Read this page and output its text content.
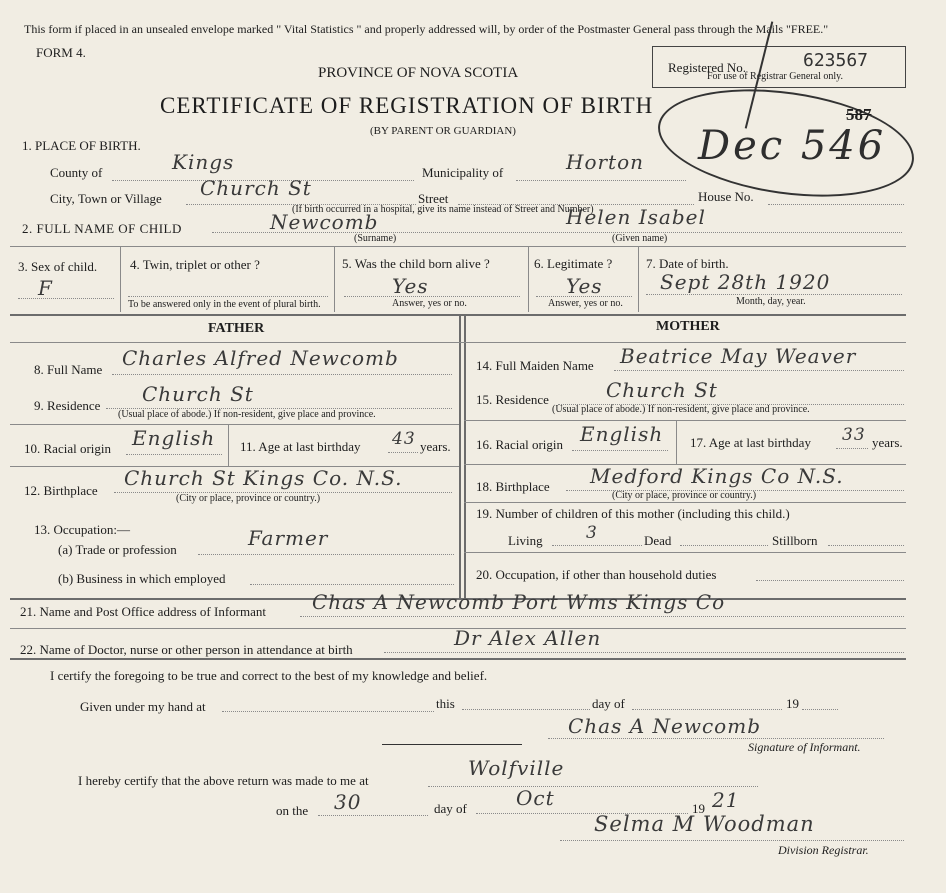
This form if placed in an unsealed envelope marked " Vital Statistics " and properly addressed will, by order of the Postmaster General pass through the Mails "FREE."
FORM 4.
PROVINCE OF NOVA SCOTIA
CERTIFICATE OF REGISTRATION OF BIRTH
(BY PARENT OR GUARDIAN)
Registered No.	623567
For use of Registrar General only.
587
Dec 546
1. PLACE OF BIRTH.
County of	Kings	Municipality of	Horton
City, Town or Village Church St	Street	House No.
(If birth occurred in a hospital, give its name instead of Street and Number)
2. FULL NAME OF CHILD	Newcomb	Helen Isabel
(Surname)	(Given name)
3. Sex of child.
F
4. Twin, triplet or other ?
To be answered only in the event of plural birth.
5. Was the child born alive ?
Yes
Answer, yes or no.
6. Legitimate ?
Yes
Answer, yes or no.
7. Date of birth.
Sept 28th 1920
Month, day, year.
FATHER	MOTHER
8. Full Name Charles Alfred Newcomb
9. Residence Church St
(Usual place of abode.) If non-resident, give place and province.
10. Racial origin English 11. Age at last birthday 43 years.
12. Birthplace
Church St Kings Co. N.S.
(City or place, province or country.)
13. Occupation:—
(a) Trade or profession	Farmer
(b) Business in which employed
14. Full Maiden Name Beatrice May Weaver
15. Residence	Church St
(Usual place of abode.) If non-resident, give place and province.
16. Racial origin English 17. Age at last birthday 33 years.
18. Birthplace Medford Kings Co N.S.
(City or place, province or country.)
19. Number of children of this mother (including this child.)
Living	3	Dead	Stillborn
20. Occupation, if other than household duties
21. Name and Post Office address of Informant Chas A Newcomb Port Wms Kings Co
22. Name of Doctor, nurse or other person in attendance at birth	Dr Alex Allen
I certify the foregoing to be true and correct to the best of my knowledge and belief.
Given under my hand at	this	day of	19
Chas A Newcomb
Signature of Informant.
I hereby certify that the above return was made to me at
Wolfville
on the 30	day of Oct	19 21
Selma M Woodman
Division Registrar.
